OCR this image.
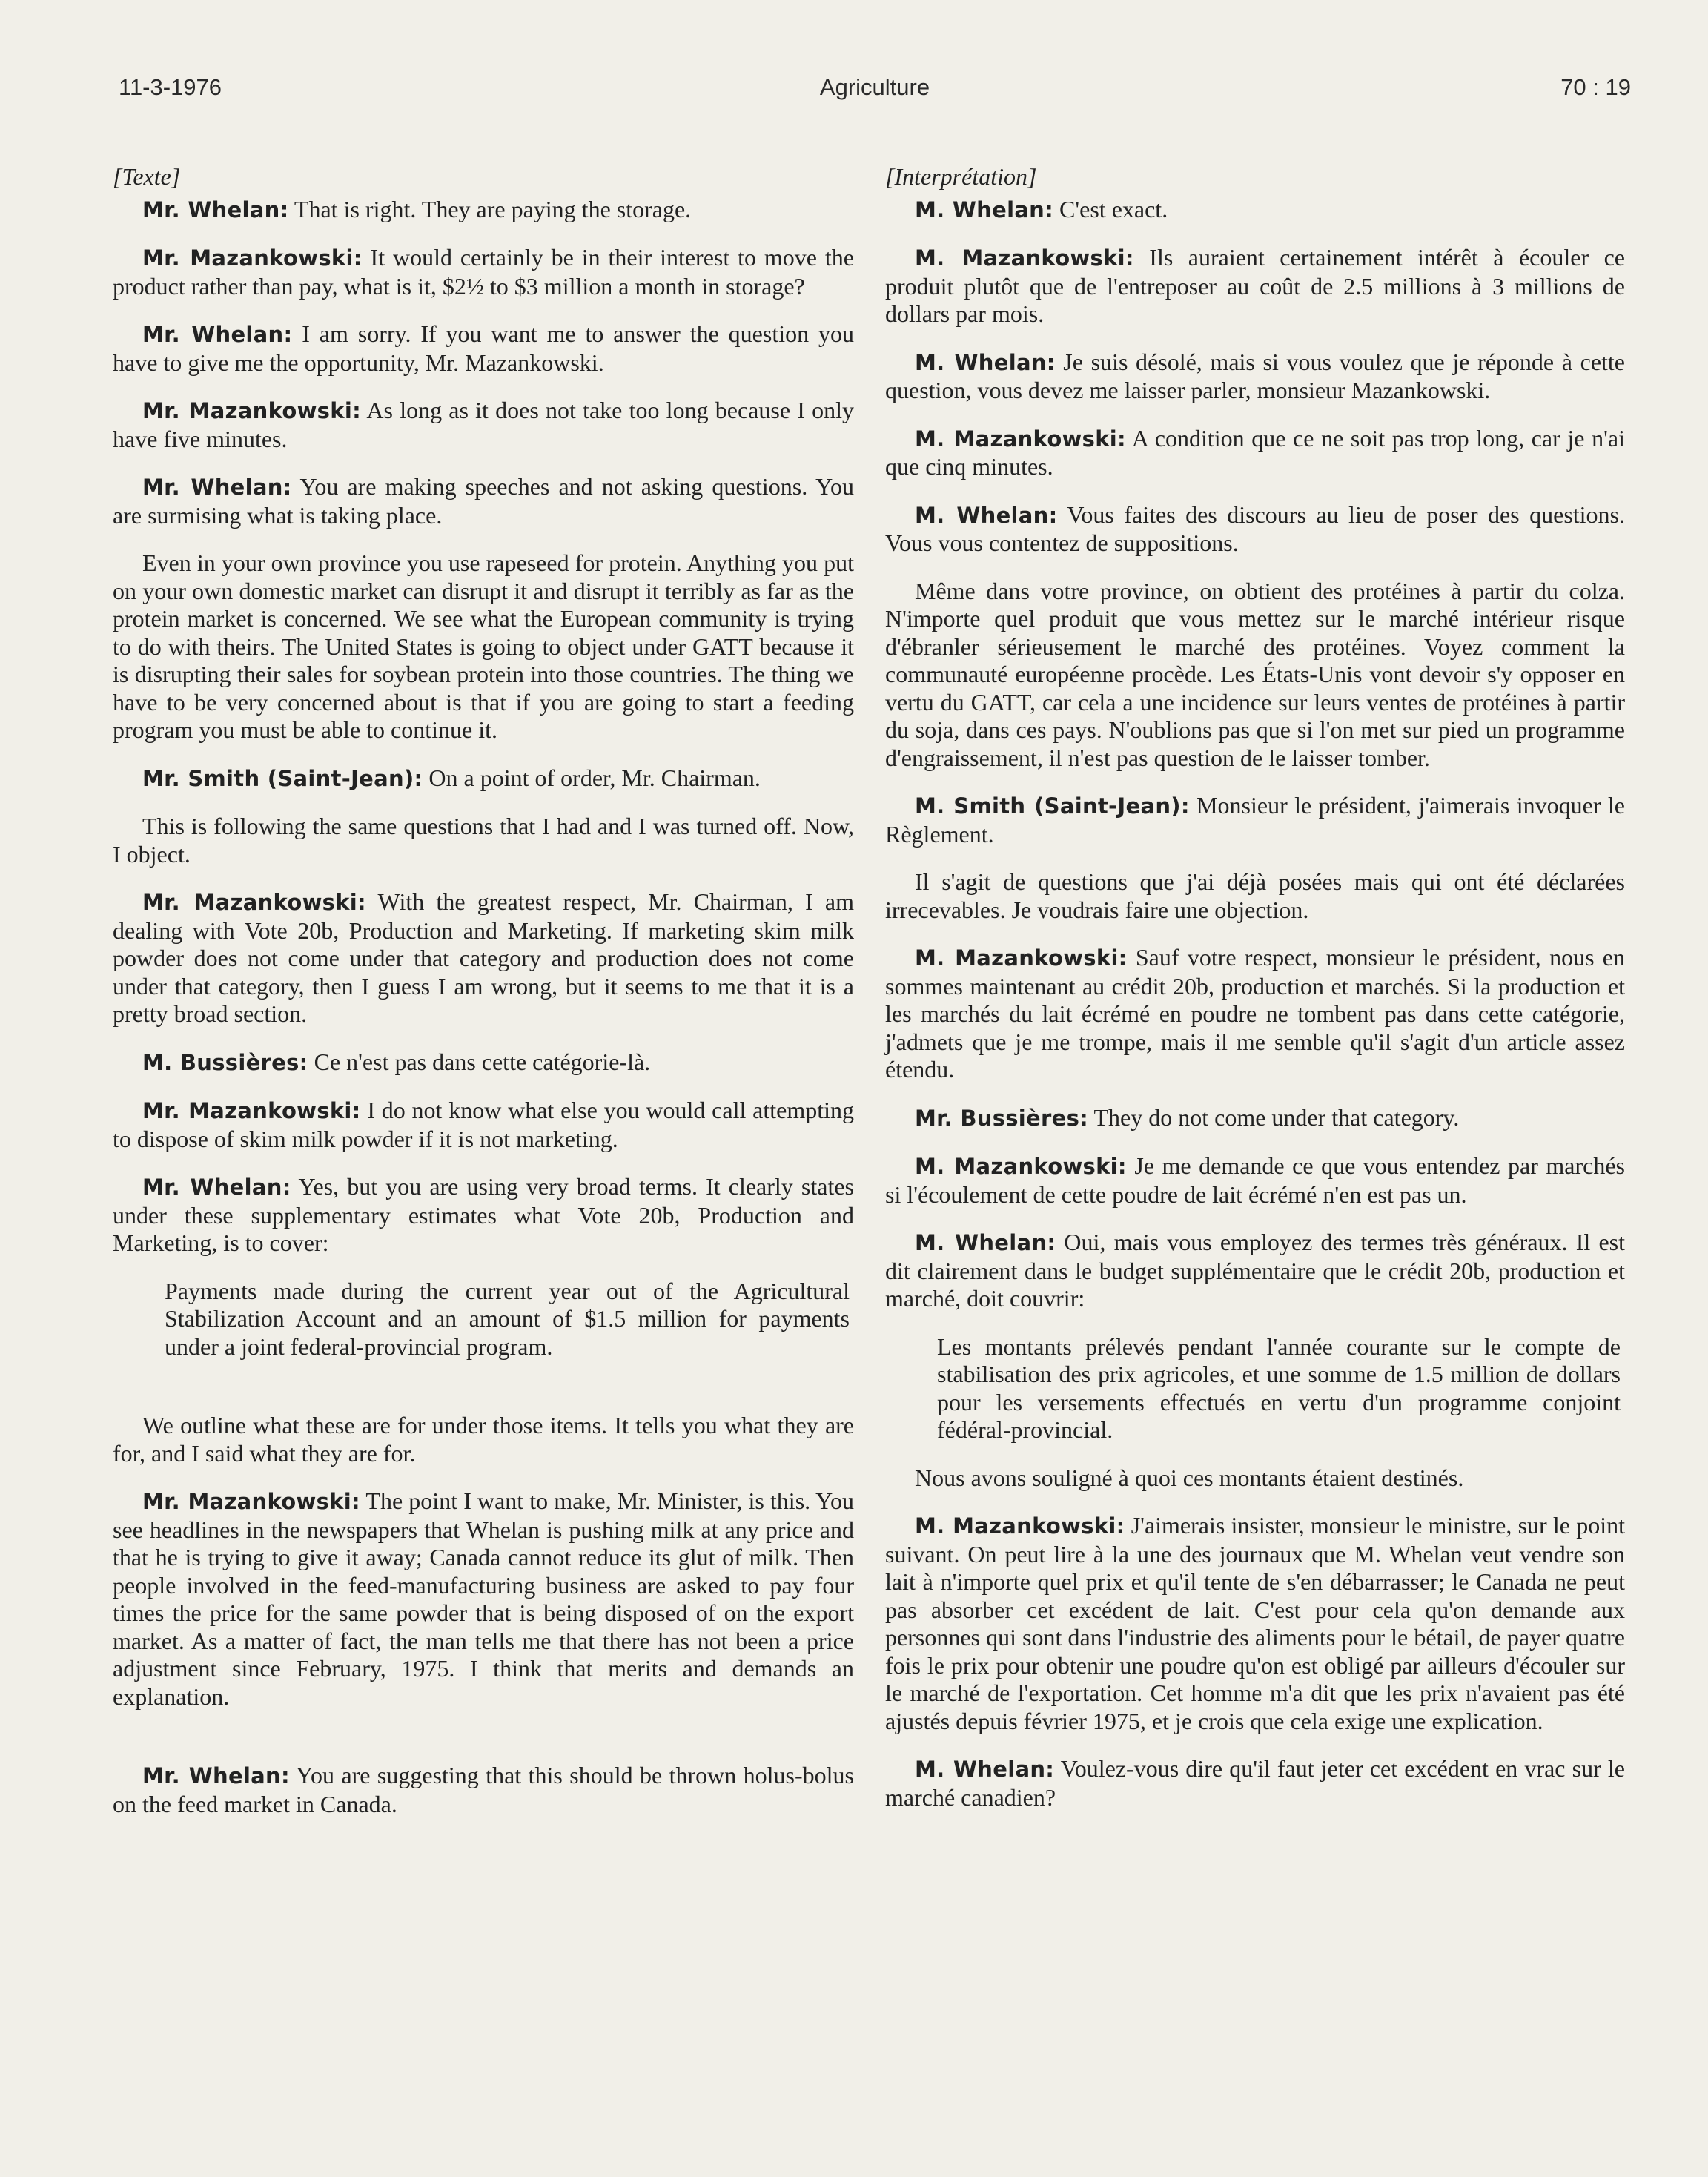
11-3-1976	Agriculture	70 : 19
[Texte]
Mr. Whelan: That is right. They are paying the storage.
Mr. Mazankowski: It would certainly be in their interest to move the product rather than pay, what is it, $2½ to $3 million a month in storage?
Mr. Whelan: I am sorry. If you want me to answer the question you have to give me the opportunity, Mr. Mazankowski.
Mr. Mazankowski: As long as it does not take too long because I only have five minutes.
Mr. Whelan: You are making speeches and not asking questions. You are surmising what is taking place.
Even in your own province you use rapeseed for protein. Anything you put on your own domestic market can disrupt it and disrupt it terribly as far as the protein market is concerned. We see what the European community is trying to do with theirs. The United States is going to object under GATT because it is disrupting their sales for soybean protein into those countries. The thing we have to be very concerned about is that if you are going to start a feeding program you must be able to continue it.
Mr. Smith (Saint-Jean): On a point of order, Mr. Chairman.
This is following the same questions that I had and I was turned off. Now, I object.
Mr. Mazankowski: With the greatest respect, Mr. Chairman, I am dealing with Vote 20b, Production and Marketing. If marketing skim milk powder does not come under that category and production does not come under that category, then I guess I am wrong, but it seems to me that it is a pretty broad section.
M. Bussières: Ce n'est pas dans cette catégorie-là.
Mr. Mazankowski: I do not know what else you would call attempting to dispose of skim milk powder if it is not marketing.
Mr. Whelan: Yes, but you are using very broad terms. It clearly states under these supplementary estimates what Vote 20b, Production and Marketing, is to cover:
Payments made during the current year out of the Agricultural Stabilization Account and an amount of $1.5 million for payments under a joint federal-provincial program.
We outline what these are for under those items. It tells you what they are for, and I said what they are for.
Mr. Mazankowski: The point I want to make, Mr. Minister, is this. You see headlines in the newspapers that Whelan is pushing milk at any price and that he is trying to give it away; Canada cannot reduce its glut of milk. Then people involved in the feed-manufacturing business are asked to pay four times the price for the same powder that is being disposed of on the export market. As a matter of fact, the man tells me that there has not been a price adjustment since February, 1975. I think that merits and demands an explanation.
Mr. Whelan: You are suggesting that this should be thrown holus-bolus on the feed market in Canada.
[Interprétation]
M. Whelan: C'est exact.
M. Mazankowski: Ils auraient certainement intérêt à écouler ce produit plutôt que de l'entreposer au coût de 2.5 millions à 3 millions de dollars par mois.
M. Whelan: Je suis désolé, mais si vous voulez que je réponde à cette question, vous devez me laisser parler, monsieur Mazankowski.
M. Mazankowski: A condition que ce ne soit pas trop long, car je n'ai que cinq minutes.
M. Whelan: Vous faites des discours au lieu de poser des questions. Vous vous contentez de suppositions.
Même dans votre province, on obtient des protéines à partir du colza. N'importe quel produit que vous mettez sur le marché intérieur risque d'ébranler sérieusement le marché des protéines. Voyez comment la communauté européenne procède. Les États-Unis vont devoir s'y opposer en vertu du GATT, car cela a une incidence sur leurs ventes de protéines à partir du soja, dans ces pays. N'oublions pas que si l'on met sur pied un programme d'engraissement, il n'est pas question de le laisser tomber.
M. Smith (Saint-Jean): Monsieur le président, j'aimerais invoquer le Règlement.
Il s'agit de questions que j'ai déjà posées mais qui ont été déclarées irrecevables. Je voudrais faire une objection.
M. Mazankowski: Sauf votre respect, monsieur le président, nous en sommes maintenant au crédit 20b, production et marchés. Si la production et les marchés du lait écrémé en poudre ne tombent pas dans cette catégorie, j'admets que je me trompe, mais il me semble qu'il s'agit d'un article assez étendu.
Mr. Bussières: They do not come under that category.
M. Mazankowski: Je me demande ce que vous entendez par marchés si l'écoulement de cette poudre de lait écrémé n'en est pas un.
M. Whelan: Oui, mais vous employez des termes très généraux. Il est dit clairement dans le budget supplémentaire que le crédit 20b, production et marché, doit couvrir:
Les montants prélevés pendant l'année courante sur le compte de stabilisation des prix agricoles, et une somme de 1.5 million de dollars pour les versements effectués en vertu d'un programme conjoint fédéral-provincial.
Nous avons souligné à quoi ces montants étaient destinés.
M. Mazankowski: J'aimerais insister, monsieur le ministre, sur le point suivant. On peut lire à la une des journaux que M. Whelan veut vendre son lait à n'importe quel prix et qu'il tente de s'en débarrasser; le Canada ne peut pas absorber cet excédent de lait. C'est pour cela qu'on demande aux personnes qui sont dans l'industrie des aliments pour le bétail, de payer quatre fois le prix pour obtenir une poudre qu'on est obligé par ailleurs d'écouler sur le marché de l'exportation. Cet homme m'a dit que les prix n'avaient pas été ajustés depuis février 1975, et je crois que cela exige une explication.
M. Whelan: Voulez-vous dire qu'il faut jeter cet excédent en vrac sur le marché canadien?
